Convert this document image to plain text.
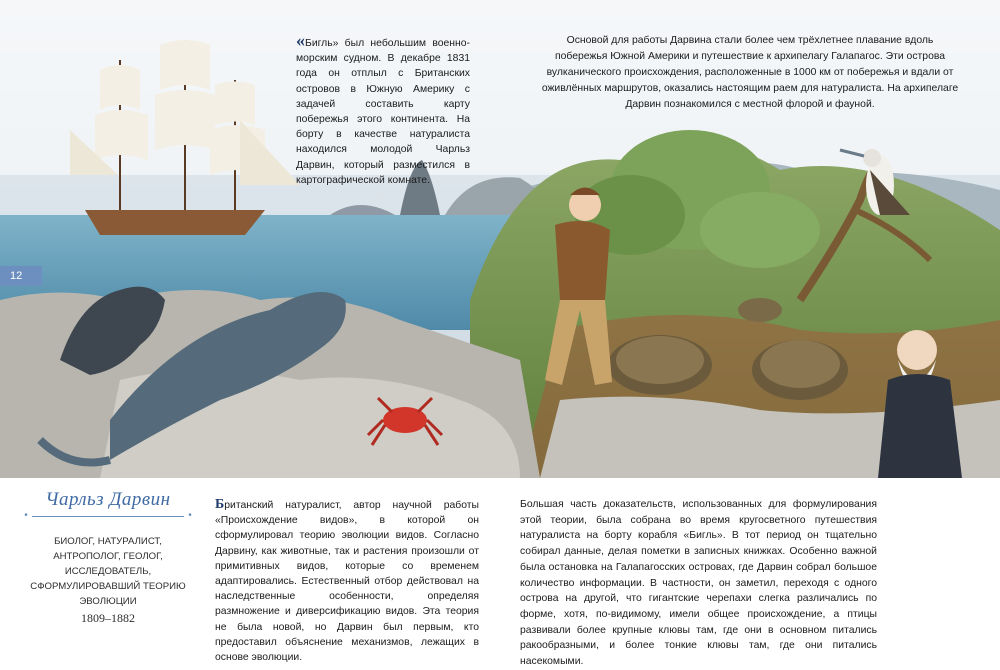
12
«Бигль» был небольшим военно-морским судном. В декабре 1831 года он отплыл с Британских островов в Южную Америку с задачей составить карту побережья этого континента. На борту в качестве натуралиста находился молодой Чарльз Дарвин, который разместился в картографической комнате.
Основой для работы Дарвина стали более чем трёхлетнее плавание вдоль побережья Южной Америки и путешествие к архипелагу Галапагос. Эти острова вулканического происхождения, расположенные в 1000 км от побережья и вдали от оживлённых маршрутов, оказались настоящим раем для натуралиста. На архипелаге Дарвин познакомился с местной флорой и фауной.

Чарльз Дарвин

•	•

БИОЛОГ, НАТУРАЛИСТ, АНТРОПОЛОГ, ГЕОЛОГ, ИССЛЕДОВАТЕЛЬ, СФОРМУЛИРОВАВШИЙ ТЕОРИЮ ЭВОЛЮЦИИ

1809–1882

Британский натуралист, автор научной работы «Происхождение видов», в которой он сформулировал теорию эволюции видов. Согласно Дарвину, как животные, так и растения произошли от примитивных видов, которые со временем адаптировались. Естественный отбор действовал на наследственные особенности, определяя размножение и диверсификацию видов. Эта теория не была новой, но Дарвин был первым, кто предоставил объяснение механизмов, лежащих в основе эволюции.

Большая часть доказательств, использованных для формулирования этой теории, была собрана во время кругосветного путешествия натуралиста на борту корабля «Бигль». В тот период он тщательно собирал данные, делая пометки в записных книжках. Особенно важной была остановка на Галапагосских островах, где Дарвин собрал большое количество информации. В частности, он заметил, переходя с одного острова на другой, что гигантские черепахи слегка различались по форме, хотя, по-видимому, имели общее происхождение, а птицы развивали более крупные клювы там, где они в основном питались ракообразными, и более тонкие клювы там, где они питались насекомыми.
